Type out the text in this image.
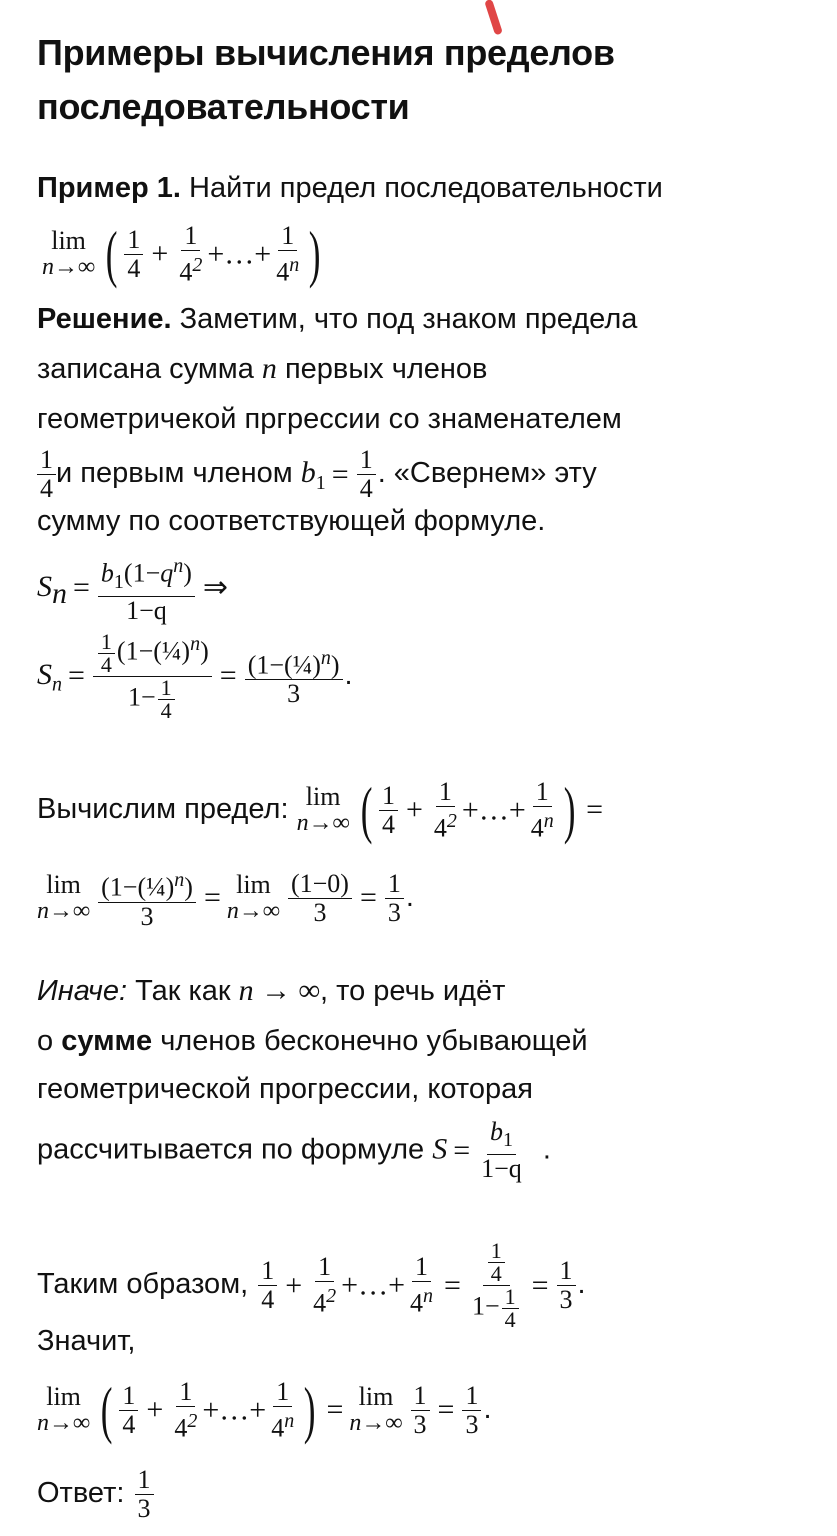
Примеры вычисления пределов
последовательности
Пример 1. Найти предел последовательности
lim
n→∞ ( $\frac{1}{4} + \frac{1}{4^2}$ +…+ $\frac{1}{4^n}$ )
Решение. Заметим, что под знаком предела
записана сумма n первых членов
геометричекой пргрессии со знаменателем
$\frac{1}{4}$ и первым членом $b_1 = \frac{1}{4}$ . «Свернем» эту
сумму по соответствующей формуле.
$S_n = \frac{b_1(1-q^n)}{1-q}$ ⇒
$S_n = \frac{\frac{1}{4} (1-(\frac{1}{4})^n)}{1- \frac{1}{4}} = \frac{(1-(\frac{1}{4})^n)}{3}$ .
Вычислим предел: lim
n→∞ ( $\frac{1}{4} + \frac{1}{4^2}$ +…+ $\frac{1}{4^n}$ ) =
lim
$n\to\infty \frac{(1-(\frac{1}{4})^n)}{3} = \lim$
$n\to\infty \frac{(1-0)}{3} = \frac{1}{3}$ .
Иначе: Так как n → ∞, то речь идёт
о сумме членов бесконечно убывающей
геометрической прогрессии, которая
рассчитывается по формуле $S = \frac{b_1}{1-q}$ .
Таким образом, $\frac{1}{4} + \frac{1}{4^2}$ +…+ $\frac{1}{4^n} = \frac{\frac{1}{4}}{1- \frac{1}{4}} = \frac{1}{3}$ .
Значит,
lim
n→∞ ( $\frac{1}{4} + \frac{1}{4^2}$ +…+ $\frac{1}{4^n}$ ) = lim
$n\to\infty \frac{1}{3} = \frac{1}{3}$ .
Ответ: $\frac{1}{3}$
